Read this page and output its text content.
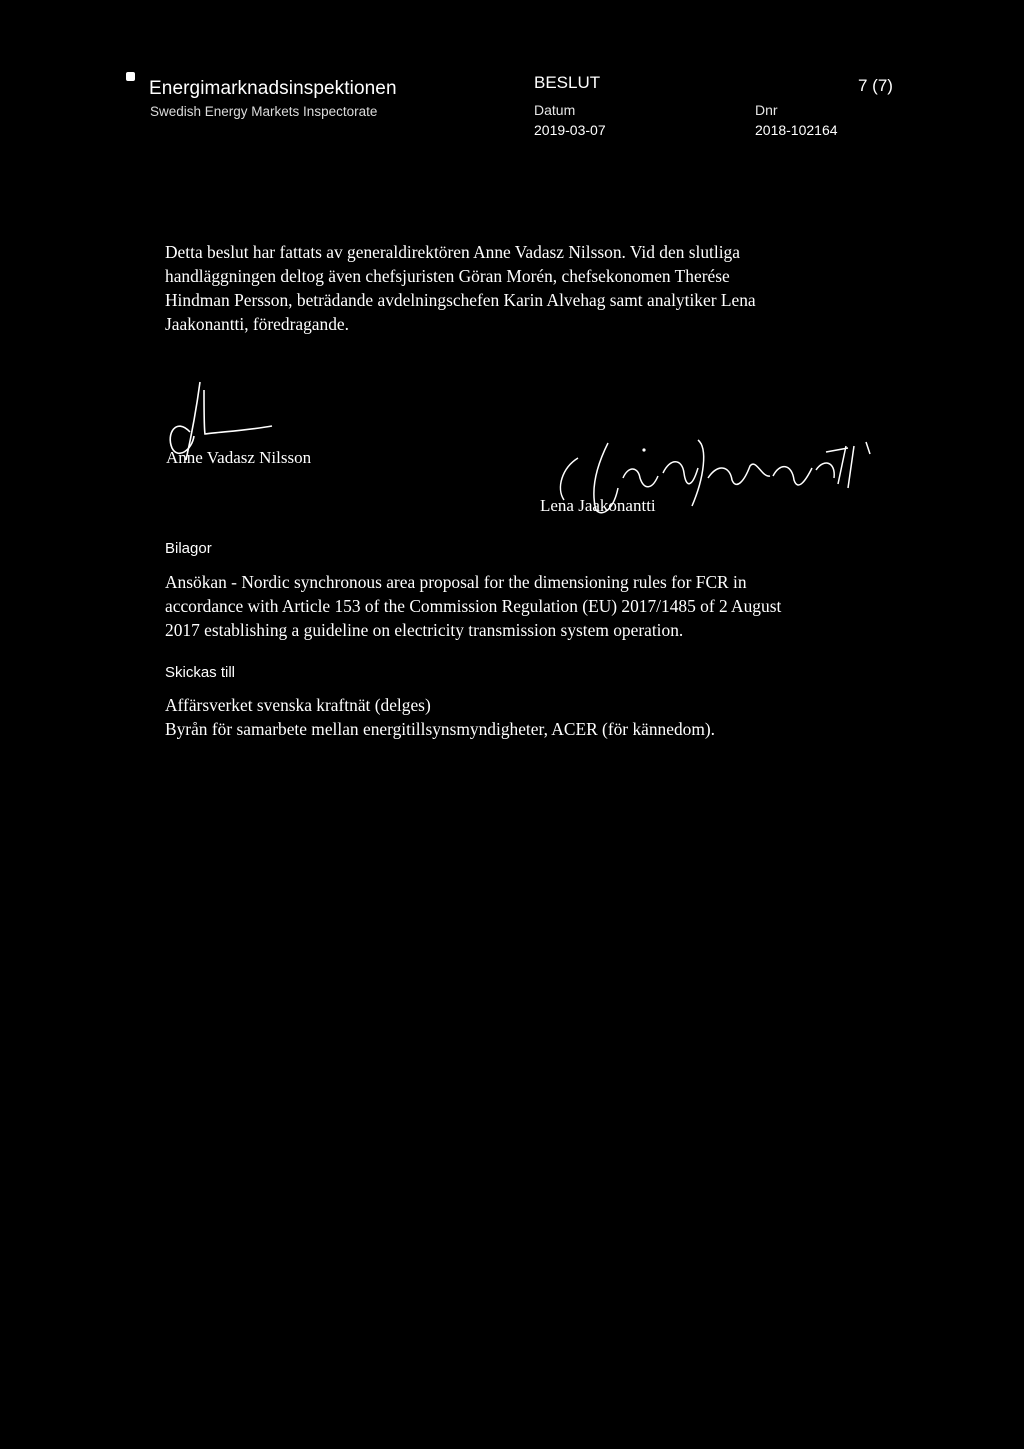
Energimarknadsinspektionen
Swedish Energy Markets Inspectorate
BESLUT	7 (7)
Datum
2019-03-07
Dnr
2018-102164

Detta beslut har fattats av generaldirektören Anne Vadasz Nilsson. Vid den slutliga

handläggningen deltog även chefsjuristen Göran Morén, chefsekonomen Therése

Hindman Persson, beträdande avdelningschefen Karin Alvehag samt analytiker Lena

Jaakonantti, föredragande.

Anne Vadasz Nilsson
Lena Jaakonantti
Bilagor

Ansökan - Nordic synchronous area proposal for the dimensioning rules for FCR in

accordance with Article 153 of the Commission Regulation (EU) 2017/1485 of 2 August

2017 establishing a guideline on electricity transmission system operation.

Skickas till

Affärsverket svenska kraftnät (delges)

Byrån för samarbete mellan energitillsynsmyndigheter, ACER (för kännedom).
